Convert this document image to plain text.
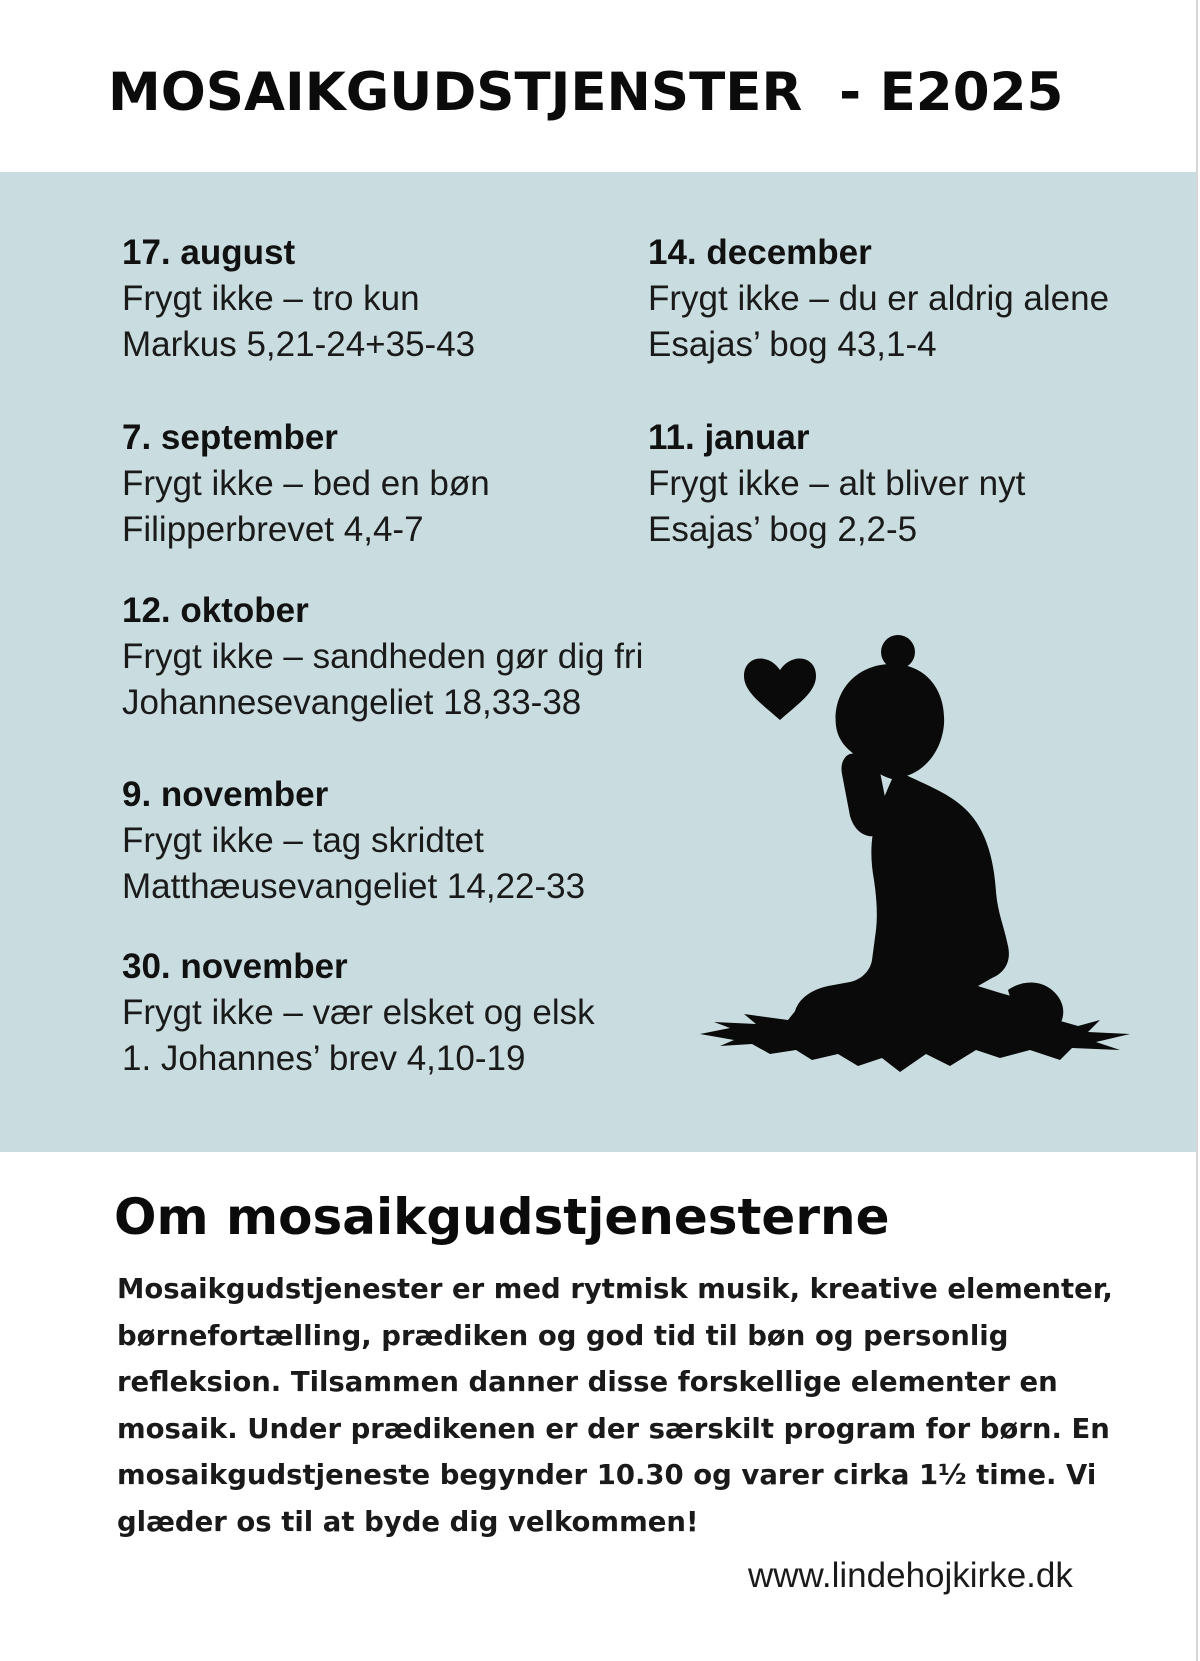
MOSAIKGUDSTJENSTER  - E2025
17. august
Frygt ikke – tro kun
Markus 5,21-24+35-43
14. december
Frygt ikke – du er aldrig alene
Esajas’ bog 43,1-4
7. september
Frygt ikke – bed en bøn
Filipperbrevet 4,4-7
11. januar
Frygt ikke – alt bliver nyt
Esajas’ bog 2,2-5
12. oktober
Frygt ikke – sandheden gør dig fri
Johannesevangeliet 18,33-38
9. november
Frygt ikke – tag skridtet
Matthæusevangeliet 14,22-33
30. november
Frygt ikke – vær elsket og elsk
1. Johannes’ brev 4,10-19
Om mosaikgudstjenesterne

Mosaikgudstjenester er med rytmisk musik, kreative elementer, børnefortælling, prædiken og god tid til bøn og personlig refleksion. Tilsammen danner disse forskellige elementer en mosaik. Under prædikenen er der særskilt program for børn. En mosaikgudstjeneste begynder 10.30 og varer cirka 1½ time. Vi glæder os til at byde dig velkommen!

www.lindehojkirke.dk
